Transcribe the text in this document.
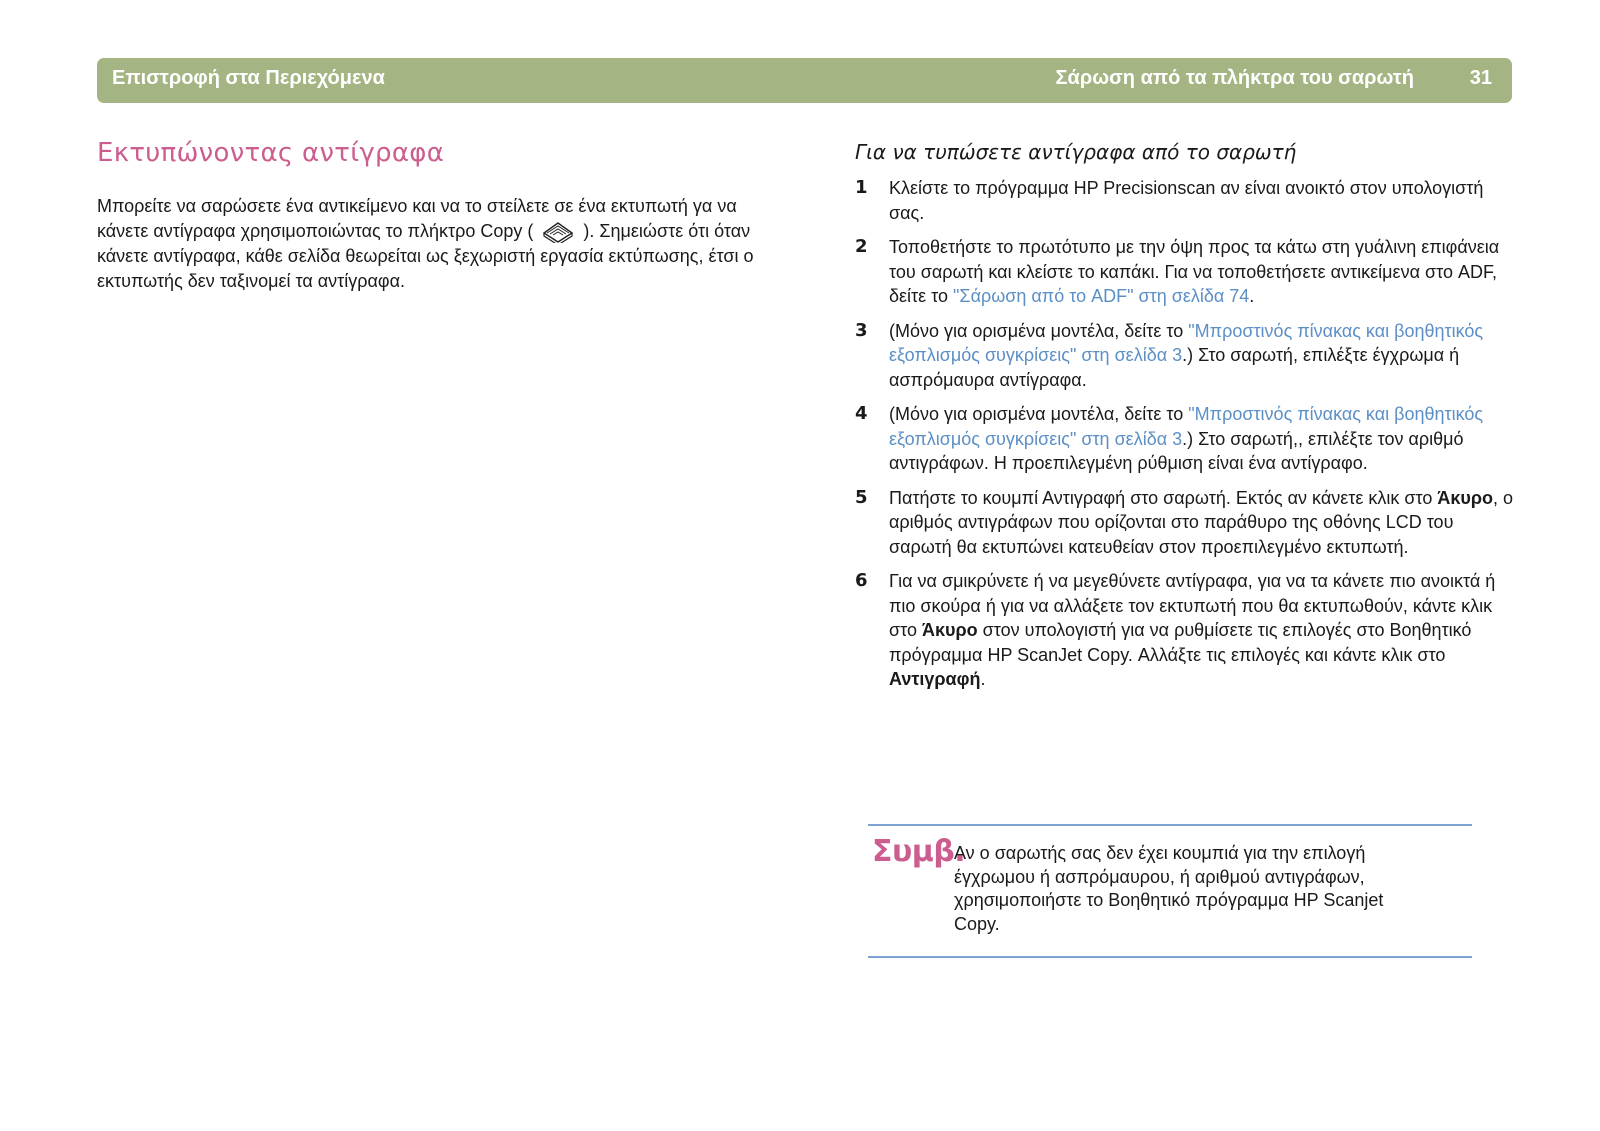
Επιστροφή στα Περιεχόμενα	Σάρωση από τα πλήκτρα του σαρωτή	31
Εκτυπώνοντας αντίγραφα

Μπορείτε να σαρώσετε ένα αντικείμενο και να το στείλετε σε ένα εκτυπωτή γα να κάνετε αντίγραφα χρησιμοποιώντας το πλήκτρο Copy (	). Σημειώστε ότι όταν κάνετε αντίγραφα, κάθε σελίδα θεωρείται ως ξεχωριστή εργασία εκτύπωσης, έτσι ο εκτυπωτής δεν ταξινομεί τα αντίγραφα.

Για να τυπώσετε αντίγραφα από το σαρωτή
1 Κλείστε το πρόγραμμα HP Precisionscan αν είναι ανοικτό στον υπολογιστή σας.
2 Τοποθετήστε το πρωτότυπο με την όψη προς τα κάτω στη γυάλινη επιφάνεια του σαρωτή και κλείστε το καπάκι. Για να τοποθετήσετε αντικείμενα στο ADF, δείτε το "Σάρωση από το ADF" στη σελίδα 74.
3 (Μόνο για ορισμένα μοντέλα, δείτε το "Μπροστινός πίνακας και βοηθητικός εξοπλισμός συγκρίσεις" στη σελίδα 3.) Στο σαρωτή, επιλέξτε έγχρωμα ή ασπρόμαυρα αντίγραφα.
4 (Μόνο για ορισμένα μοντέλα, δείτε το "Μπροστινός πίνακας και βοηθητικός εξοπλισμός συγκρίσεις" στη σελίδα 3.) Στο σαρωτή,, επιλέξτε τον αριθμό αντιγράφων. Η προεπιλεγμένη ρύθμιση είναι ένα αντίγραφο.
5 Πατήστε το κουμπί Αντιγραφή στο σαρωτή. Εκτός αν κάνετε κλικ στο Άκυρο, ο αριθμός αντιγράφων που ορίζονται στο παράθυρο της οθόνης LCD του σαρωτή θα εκτυπώνει κατευθείαν στον προεπιλεγμένο εκτυπωτή.
6 Για να σμικρύνετε ή να μεγεθύνετε αντίγραφα, για να τα κάνετε πιο ανοικτά ή πιο σκούρα ή για να αλλάξετε τον εκτυπωτή που θα εκτυπωθούν, κάντε κλικ στο Άκυρο στον υπολογιστή για να ρυθμίσετε τις επιλογές στο Βοηθητικό πρόγραμμα HP ScanJet Copy. Αλλάξτε τις επιλογές και κάντε κλικ στο Αντιγραφή.
Συμβ.

Αν ο σαρωτής σας δεν έχει κουμπιά για την επιλογή έγχρωμου ή ασπρόμαυρου, ή αριθμού αντιγράφων, χρησιμοποιήστε το Βοηθητικό πρόγραμμα HP Scanjet Copy.
